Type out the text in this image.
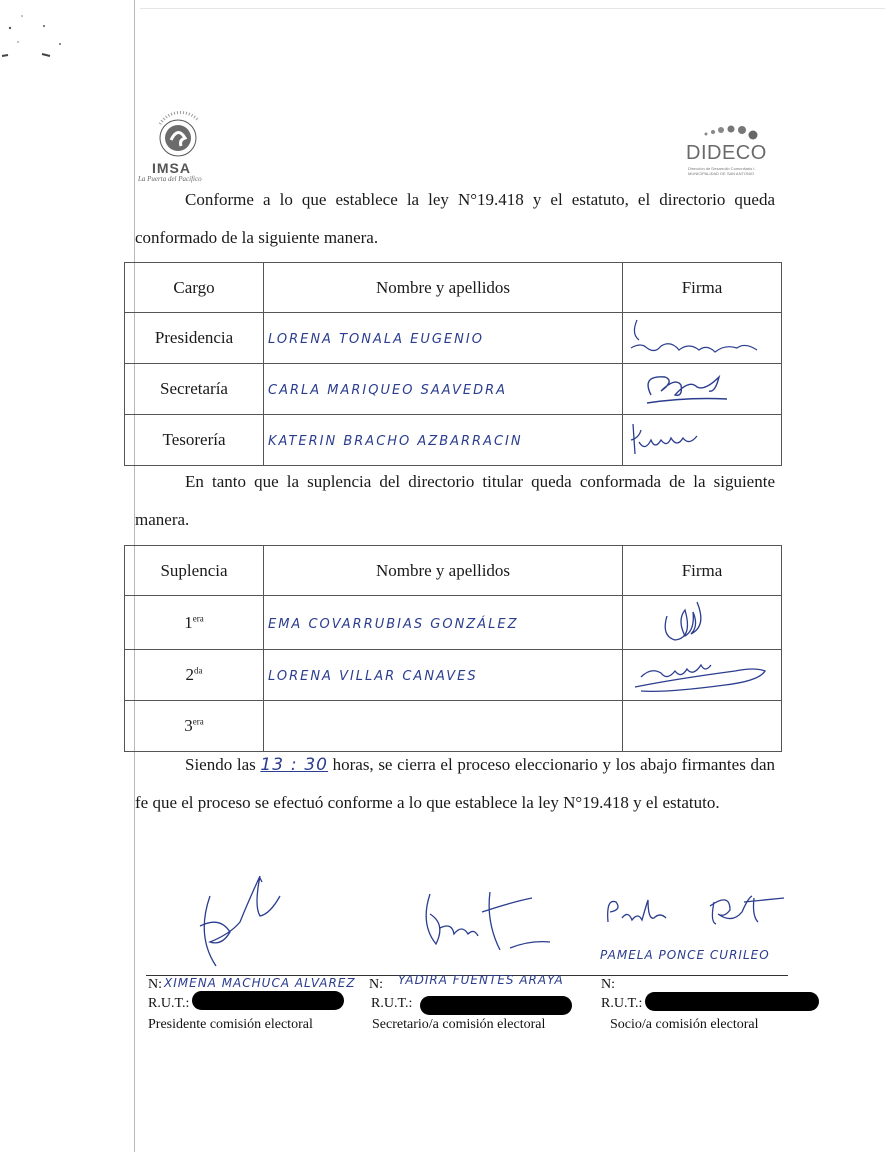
IMSA
La Puerta del Pacífico
DIDECO
Dirección de Desarrollo Comunitario I. MUNICIPALIDAD DE SAN ANTONIO
Conforme a lo que establece la ley N°19.418 y el estatuto, el directorio queda conformado de la siguiente manera.
Cargo	Nombre y apellidos	Firma
Presidencia	LORENA TONALA EUGENIO	
Secretaría	CARLA MARIQUEO SAAVEDRA	
Tesorería	KATERIN BRACHO AZBARRACIN	
En tanto que la suplencia del directorio titular queda conformada de la siguiente manera.
Suplencia	Nombre y apellidos	Firma
$1^{era}$	EMA COVARRUBIAS GONZÁLEZ	
$2^{da}$	LORENA VILLAR CANAVES	
$3^{era}$		
Siendo las 13 : 30 horas, se cierra el proceso eleccionario y los abajo firmantes dan fe que el proceso se efectuó conforme a lo que establece la ley N°19.418 y el estatuto.
N: XIMENA MACHUCA ALVAREZ
R.U.T.:
Presidente comisión electoral
N: YADIRA FUENTES ARAYA
R.U.T.:
Secretario/a comisión electoral
PAMELA PONCE CURILEO
N:
R.U.T.:
Socio/a comisión electoral
